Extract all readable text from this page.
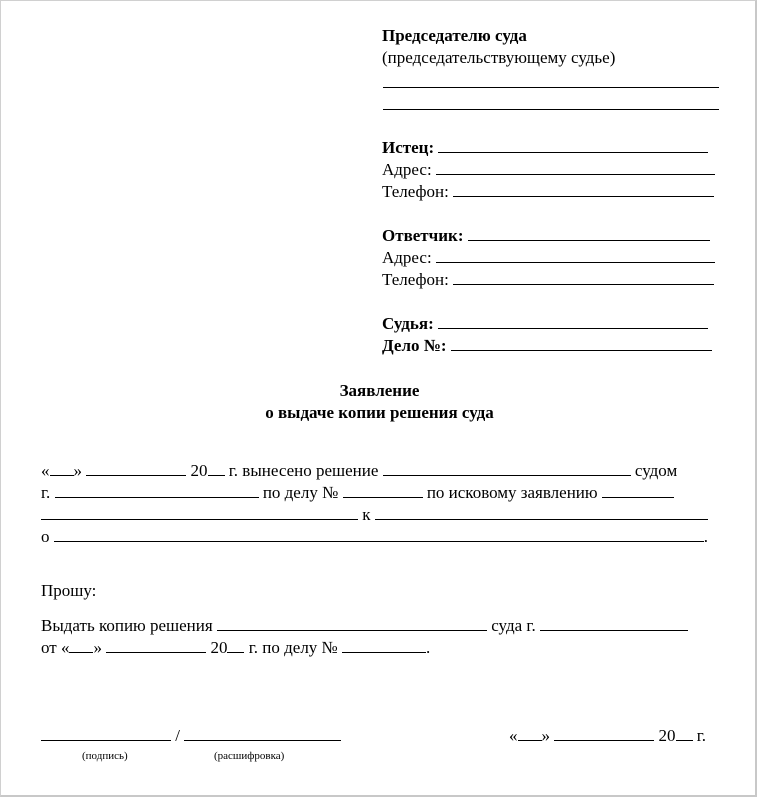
Председателю суда
(председательствующему судье)
Истец:
Адрес:
Телефон:
Ответчик:
Адрес:
Телефон:
Судья:
Дело №:
Заявление
о выдаче копии решения суда
« »	20 г. вынесено решение	судом
г.	по делу №	по исковому заявлению
к
о	.
Прошу:
Выдать копию решения	суда г.
от « »	20 г. по делу №	.
/
(подпись)	(расшифровка)
« »	20 г.
